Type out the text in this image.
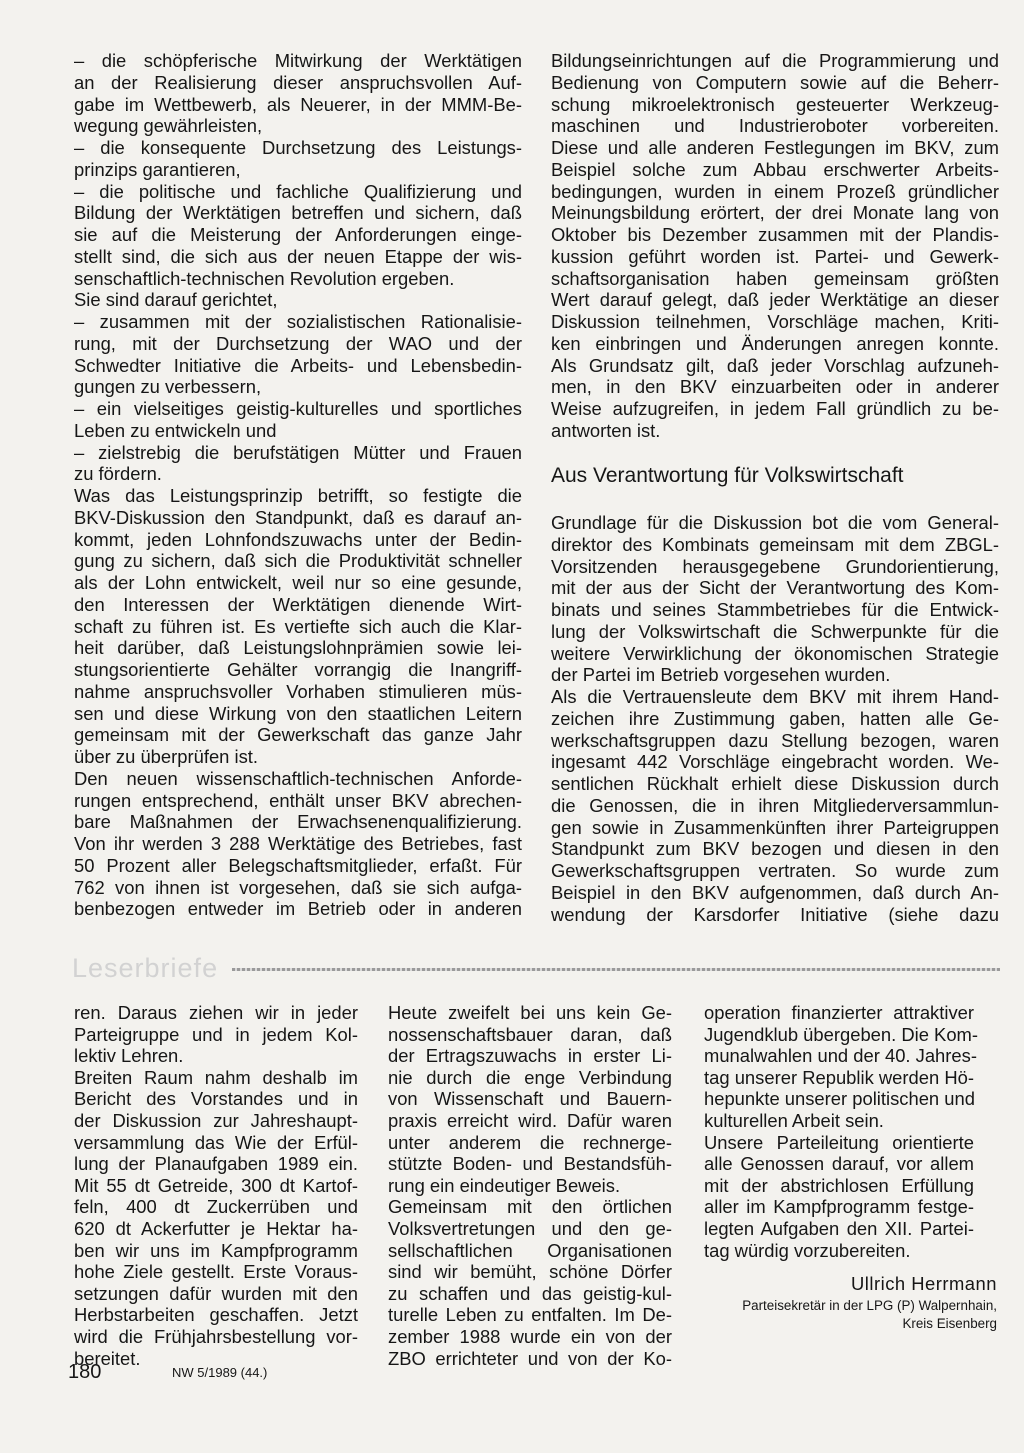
– die schöpferische Mitwirkung der Werktätigen
an der Realisierung dieser anspruchsvollen Auf-
gabe im Wettbewerb, als Neuerer, in der MMM-Be-
wegung gewährleisten,
– die konsequente Durchsetzung des Leistungs-
prinzips garantieren,
– die politische und fachliche Qualifizierung und
Bildung der Werktätigen betreffen und sichern, daß
sie auf die Meisterung der Anforderungen einge-
stellt sind, die sich aus der neuen Etappe der wis-
senschaftlich-technischen Revolution ergeben.
Sie sind darauf gerichtet,
– zusammen mit der sozialistischen Rationalisie-
rung, mit der Durchsetzung der WAO und der
Schwedter Initiative die Arbeits- und Lebensbedin-
gungen zu verbessern,
– ein vielseitiges geistig-kulturelles und sportliches
Leben zu entwickeln und
– zielstrebig die berufstätigen Mütter und Frauen
zu fördern.
Was das Leistungsprinzip betrifft, so festigte die
BKV-Diskussion den Standpunkt, daß es darauf an-
kommt, jeden Lohnfondszuwachs unter der Bedin-
gung zu sichern, daß sich die Produktivität schneller
als der Lohn entwickelt, weil nur so eine gesunde,
den Interessen der Werktätigen dienende Wirt-
schaft zu führen ist. Es vertiefte sich auch die Klar-
heit darüber, daß Leistungslohnprämien sowie lei-
stungsorientierte Gehälter vorrangig die Inangriff-
nahme anspruchsvoller Vorhaben stimulieren müs-
sen und diese Wirkung von den staatlichen Leitern
gemeinsam mit der Gewerkschaft das ganze Jahr
über zu überprüfen ist.
Den neuen wissenschaftlich-technischen Anforde-
rungen entsprechend, enthält unser BKV abrechen-
bare Maßnahmen der Erwachsenenqualifizierung.
Von ihr werden 3 288 Werktätige des Betriebes, fast
50 Prozent aller Belegschaftsmitglieder, erfaßt. Für
762 von ihnen ist vorgesehen, daß sie sich aufga-
benbezogen entweder im Betrieb oder in anderen
Bildungseinrichtungen auf die Programmierung und
Bedienung von Computern sowie auf die Beherr-
schung mikroelektronisch gesteuerter Werkzeug-
maschinen und Industrieroboter vorbereiten.
Diese und alle anderen Festlegungen im BKV, zum
Beispiel solche zum Abbau erschwerter Arbeits-
bedingungen, wurden in einem Prozeß gründlicher
Meinungsbildung erörtert, der drei Monate lang von
Oktober bis Dezember zusammen mit der Plandis-
kussion geführt worden ist. Partei- und Gewerk-
schaftsorganisation haben gemeinsam größten
Wert darauf gelegt, daß jeder Werktätige an dieser
Diskussion teilnehmen, Vorschläge machen, Kriti-
ken einbringen und Änderungen anregen konnte.
Als Grundsatz gilt, daß jeder Vorschlag aufzuneh-
men, in den BKV einzuarbeiten oder in anderer
Weise aufzugreifen, in jedem Fall gründlich zu be-
antworten ist.
Aus Verantwortung für Volkswirtschaft
Grundlage für die Diskussion bot die vom General-
direktor des Kombinats gemeinsam mit dem ZBGL-
Vorsitzenden herausgegebene Grundorientierung,
mit der aus der Sicht der Verantwortung des Kom-
binats und seines Stammbetriebes für die Entwick-
lung der Volkswirtschaft die Schwerpunkte für die
weitere Verwirklichung der ökonomischen Strategie
der Partei im Betrieb vorgesehen wurden.
Als die Vertrauensleute dem BKV mit ihrem Hand-
zeichen ihre Zustimmung gaben, hatten alle Ge-
werkschaftsgruppen dazu Stellung bezogen, waren
ingesamt 442 Vorschläge eingebracht worden. We-
sentlichen Rückhalt erhielt diese Diskussion durch
die Genossen, die in ihren Mitgliederversammlun-
gen sowie in Zusammenkünften ihrer Parteigruppen
Standpunkt zum BKV bezogen und diesen in den
Gewerkschaftsgruppen vertraten. So wurde zum
Beispiel in den BKV aufgenommen, daß durch An-
wendung der Karsdorfer Initiative (siehe dazu
Leserbriefe
ren. Daraus ziehen wir in jeder
Parteigruppe und in jedem Kol-
lektiv Lehren.
Breiten Raum nahm deshalb im
Bericht des Vorstandes und in
der Diskussion zur Jahreshaupt-
versammlung das Wie der Erfül-
lung der Planaufgaben 1989 ein.
Mit 55 dt Getreide, 300 dt Kartof-
feln, 400 dt Zuckerrüben und
620 dt Ackerfutter je Hektar ha-
ben wir uns im Kampfprogramm
hohe Ziele gestellt. Erste Voraus-
setzungen dafür wurden mit den
Herbstarbeiten geschaffen. Jetzt
wird die Frühjahrsbestellung vor-
bereitet.
Heute zweifelt bei uns kein Ge-
nossenschaftsbauer daran, daß
der Ertragszuwachs in erster Li-
nie durch die enge Verbindung
von Wissenschaft und Bauern-
praxis erreicht wird. Dafür waren
unter anderem die rechnerge-
stützte Boden- und Bestandsfüh-
rung ein eindeutiger Beweis.
Gemeinsam mit den örtlichen
Volksvertretungen und den ge-
sellschaftlichen Organisationen
sind wir bemüht, schöne Dörfer
zu schaffen und das geistig-kul-
turelle Leben zu entfalten. Im De-
zember 1988 wurde ein von der
ZBO errichteter und von der Ko-
operation finanzierter attraktiver
Jugendklub übergeben. Die Kom-
munalwahlen und der 40. Jahres-
tag unserer Republik werden Hö-
hepunkte unserer politischen und
kulturellen Arbeit sein.
Unsere Parteileitung orientierte
alle Genossen darauf, vor allem
mit der abstrichlosen Erfüllung
aller im Kampfprogramm festge-
legten Aufgaben den XII. Partei-
tag würdig vorzubereiten.
Ullrich Herrmann
Parteisekretär in der LPG (P) Walpernhain,
Kreis Eisenberg
180	NW 5/1989 (44.)
